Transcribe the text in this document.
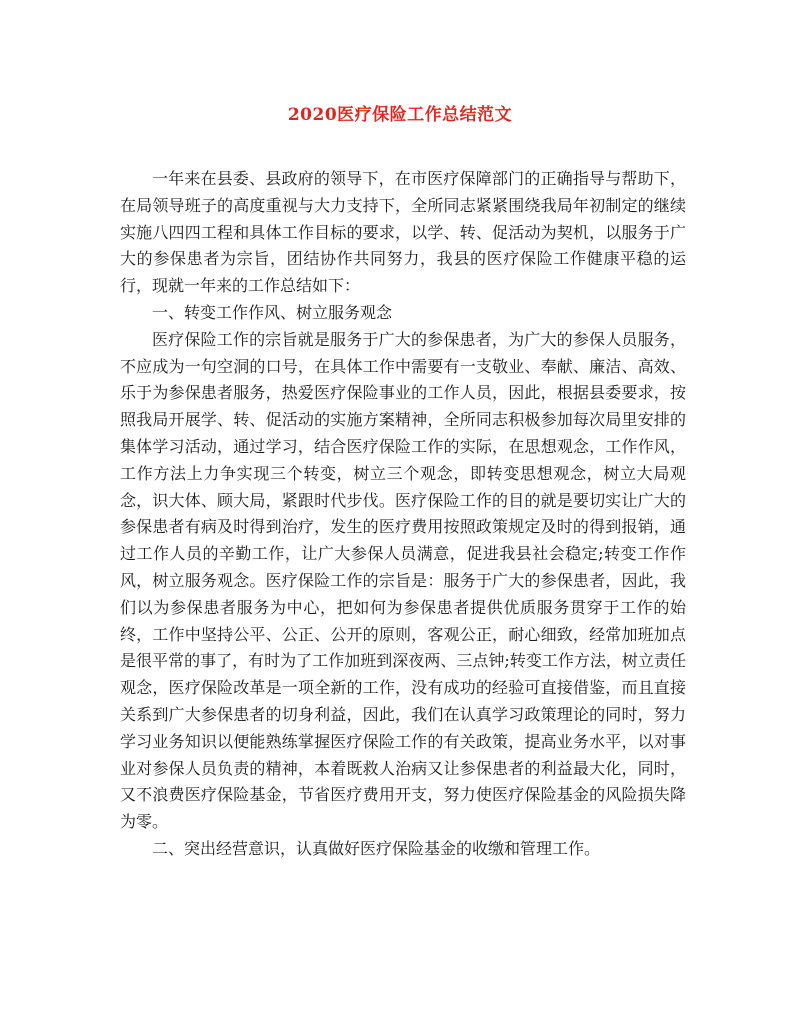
2020医疗保险工作总结范文

一年来在县委、县政府的领导下，在市医疗保障部门的正确指导与帮助下，在局领导班子的高度重视与大力支持下，全所同志紧紧围绕我局年初制定的继续实施八四四工程和具体工作目标的要求，以学、转、促活动为契机，以服务于广大的参保患者为宗旨，团结协作共同努力，我县的医疗保险工作健康平稳的运行，现就一年来的工作总结如下：

一、转变工作作风、树立服务观念

医疗保险工作的宗旨就是服务于广大的参保患者，为广大的参保人员服务，不应成为一句空洞的口号，在具体工作中需要有一支敬业、奉献、廉洁、高效、乐于为参保患者服务，热爱医疗保险事业的工作人员，因此，根据县委要求，按照我局开展学、转、促活动的实施方案精神，全所同志积极参加每次局里安排的集体学习活动，通过学习，结合医疗保险工作的实际，在思想观念，工作作风，工作方法上力争实现三个转变，树立三个观念，即转变思想观念，树立大局观念，识大体、顾大局，紧跟时代步伐。医疗保险工作的目的就是要切实让广大的参保患者有病及时得到治疗，发生的医疗费用按照政策规定及时的得到报销，通过工作人员的辛勤工作，让广大参保人员满意，促进我县社会稳定;转变工作作风，树立服务观念。医疗保险工作的宗旨是：服务于广大的参保患者，因此，我们以为参保患者服务为中心，把如何为参保患者提供优质服务贯穿于工作的始终，工作中坚持公平、公正、公开的原则，客观公正，耐心细致，经常加班加点是很平常的事了，有时为了工作加班到深夜两、三点钟;转变工作方法，树立责任观念，医疗保险改革是一项全新的工作，没有成功的经验可直接借鉴，而且直接关系到广大参保患者的切身利益，因此，我们在认真学习政策理论的同时，努力学习业务知识以便能熟练掌握医疗保险工作的有关政策，提高业务水平，以对事业对参保人员负责的精神，本着既救人治病又让参保患者的利益最大化，同时，又不浪费医疗保险基金，节省医疗费用开支，努力使医疗保险基金的风险损失降为零。

二、突出经营意识，认真做好医疗保险基金的收缴和管理工作。
